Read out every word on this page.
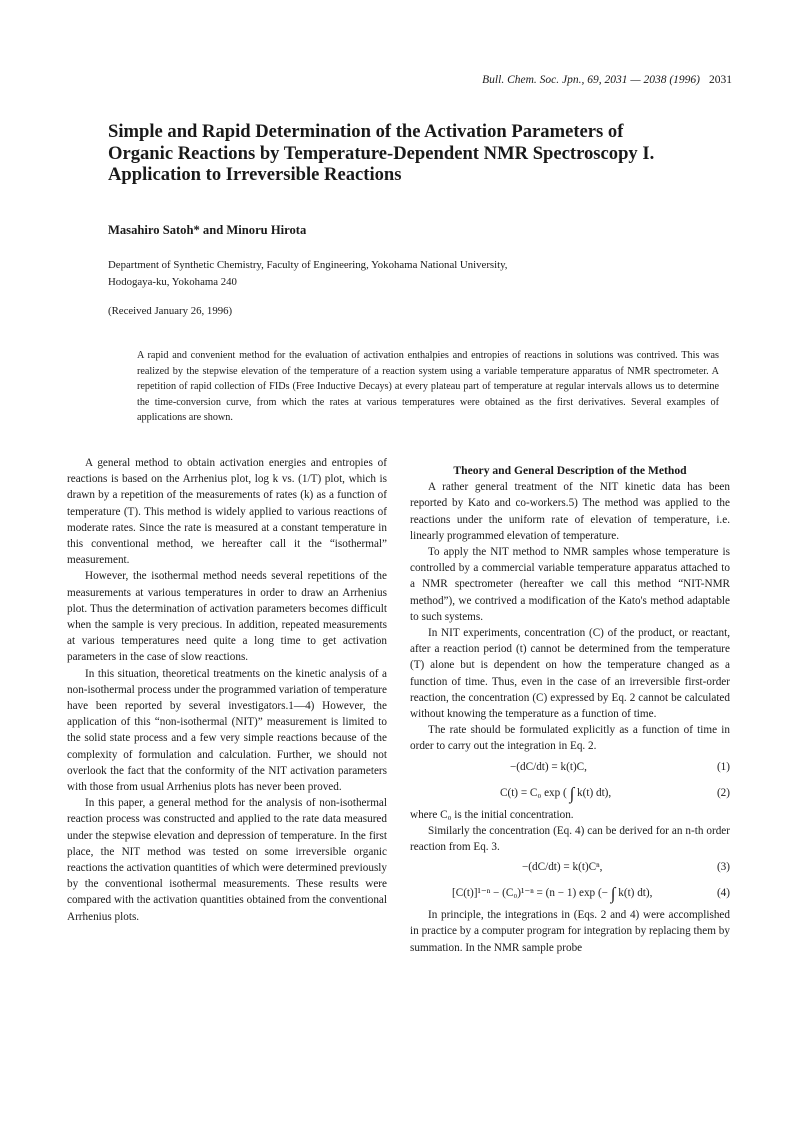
Bull. Chem. Soc. Jpn., 69, 2031 — 2038 (1996) 2031
Simple and Rapid Determination of the Activation Parameters of
Organic Reactions by Temperature-Dependent NMR Spectroscopy I.
Application to Irreversible Reactions
Masahiro Satoh* and Minoru Hirota
Department of Synthetic Chemistry, Faculty of Engineering, Yokohama National University,
Hodogaya-ku, Yokohama 240
(Received January 26, 1996)
A rapid and convenient method for the evaluation of activation enthalpies and entropies of reactions in solutions was contrived. This was realized by the stepwise elevation of the temperature of a reaction system using a variable temperature apparatus of NMR spectrometer. A repetition of rapid collection of FIDs (Free Inductive Decays) at every plateau part of temperature at regular intervals allows us to determine the time-conversion curve, from which the rates at various temperatures were obtained as the first derivatives. Several examples of applications are shown.

A general method to obtain activation energies and entropies of reactions is based on the Arrhenius plot, log k vs. (1/T) plot, which is drawn by a repetition of the measurements of rates (k) as a function of temperature (T). This method is widely applied to various reactions of moderate rates. Since the rate is measured at a constant temperature in this conventional method, we hereafter call it the “isothermal” measurement.

However, the isothermal method needs several repetitions of the measurements at various temperatures in order to draw an Arrhenius plot. Thus the determination of activation parameters becomes difficult when the sample is very precious. In addition, repeated measurements at various temperatures need quite a long time to get activation parameters in the case of slow reactions.

In this situation, theoretical treatments on the kinetic analysis of a non-isothermal process under the programmed variation of temperature have been reported by several investigators.1—4) However, the application of this “non-isothermal (NIT)” measurement is limited to the solid state process and a few very simple reactions because of the complexity of formulation and calculation. Further, we should not overlook the fact that the conformity of the NIT activation parameters with those from usual Arrhenius plots has never been proved.

In this paper, a general method for the analysis of non-isothermal reaction process was constructed and applied to the rate data measured under the stepwise elevation and depression of temperature. In the first place, the NIT method was tested on some irreversible organic reactions the activation quantities of which were determined previously by the conventional isothermal measurements. These results were compared with the activation quantities obtained from the conventional Arrhenius plots.

Theory and General Description of the Method

A rather general treatment of the NIT kinetic data has been reported by Kato and co-workers.5) The method was applied to the reactions under the uniform rate of elevation of temperature, i.e. linearly programmed elevation of temperature.

To apply the NIT method to NMR samples whose temperature is controlled by a commercial variable temperature apparatus attached to a NMR spectrometer (hereafter we call this method “NIT-NMR method”), we contrived a modification of the Kato's method adaptable to such systems.

In NIT experiments, concentration (C) of the product, or reactant, after a reaction period (t) cannot be determined from the temperature (T) alone but is dependent on how the temperature changed as a function of time. Thus, even in the case of an irreversible first-order reaction, the concentration (C) expressed by Eq. 2 cannot be calculated without knowing the temperature as a function of time.

The rate should be formulated explicitly as a function of time in order to carry out the integration in Eq. 2.

−(dC/dt) = k(t)C,	(1)
C(t) = C₀ exp ( ∫ k(t) dt),	(2)

where C₀ is the initial concentration.

Similarly the concentration (Eq. 4) can be derived for an n-th order reaction from Eq. 3.

−(dC/dt) = k(t)Cⁿ,	(3)
[C(t)]¹⁻ⁿ − (C₀)¹⁻ⁿ = (n − 1) exp (− ∫ k(t) dt),	(4)

In principle, the integrations in (Eqs. 2 and 4) were accomplished in practice by a computer program for integration by replacing them by summation. In the NMR sample probe
